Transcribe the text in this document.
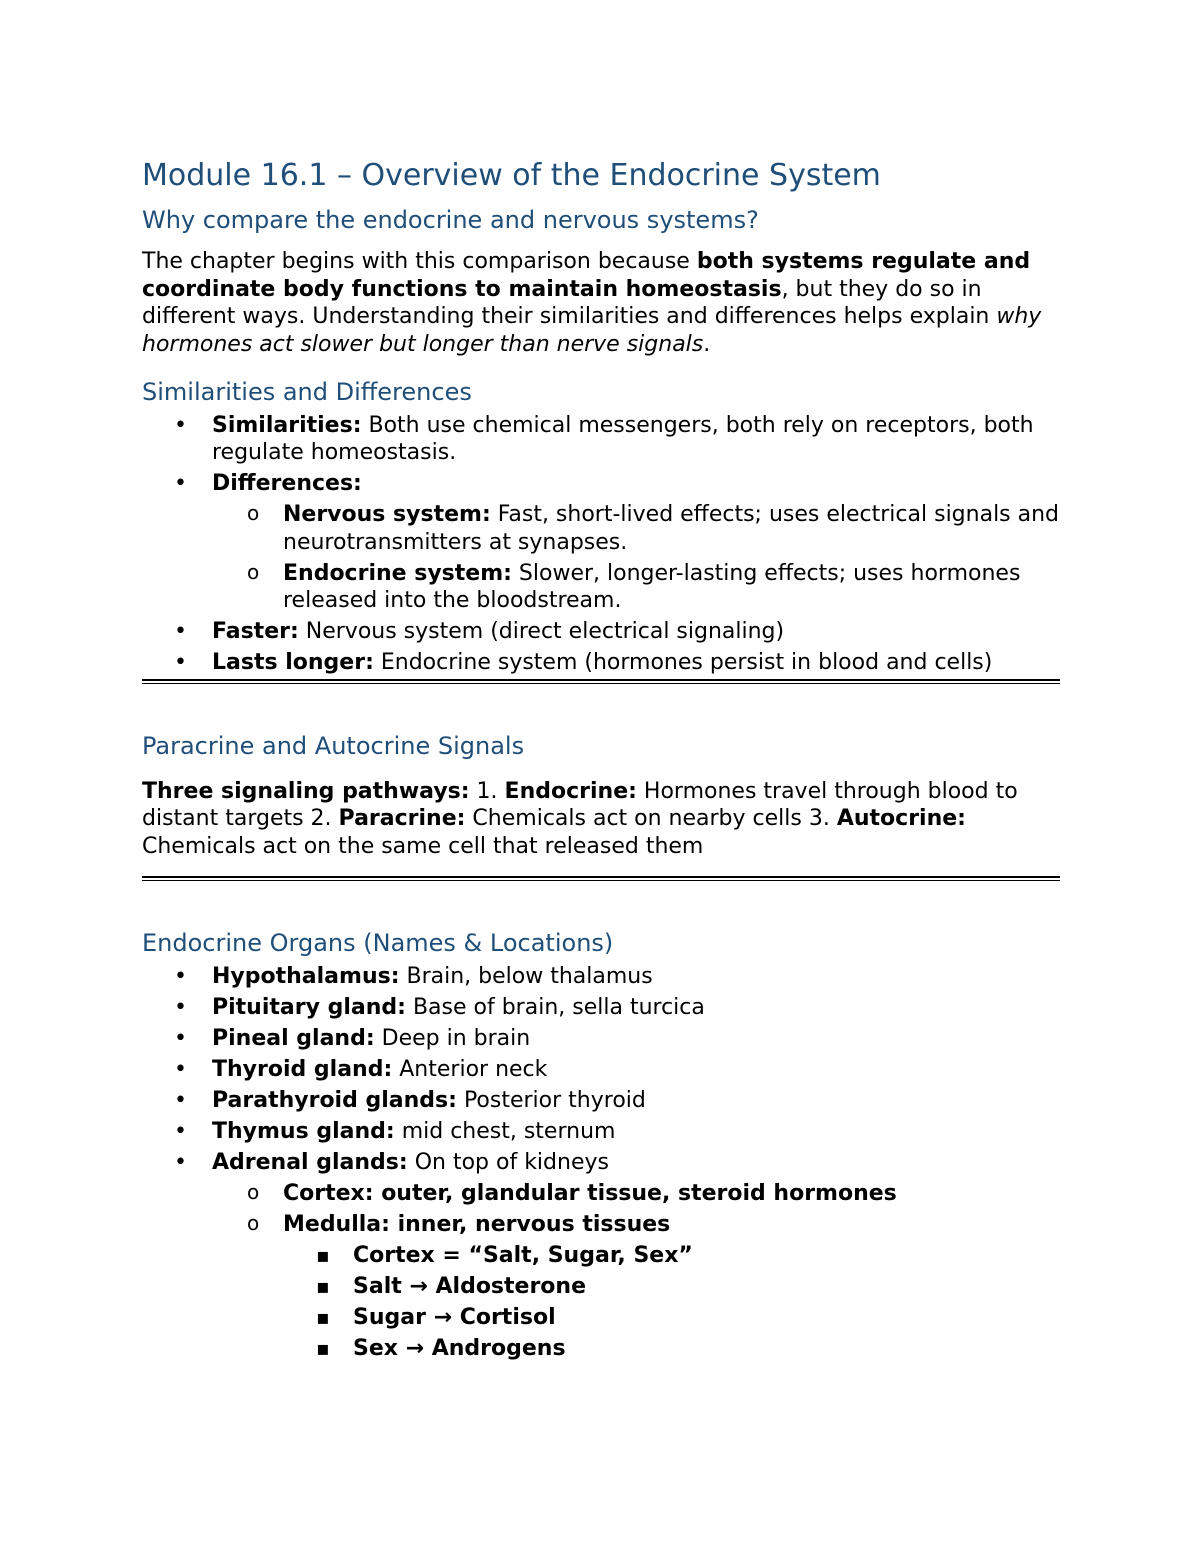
Module 16.1 – Overview of the Endocrine System
Why compare the endocrine and nervous systems?

The chapter begins with this comparison because both systems regulate and coordinate body functions to maintain homeostasis, but they do so in different ways. Understanding their similarities and differences helps explain why hormones act slower but longer than nerve signals.

Similarities and Differences
• Similarities: Both use chemical messengers, both rely on receptors, both regulate homeostasis.
• Differences:
o Nervous system: Fast, short-lived effects; uses electrical signals and neurotransmitters at synapses.
o Endocrine system: Slower, longer-lasting effects; uses hormones released into the bloodstream.
• Faster: Nervous system (direct electrical signaling)
• Lasts longer: Endocrine system (hormones persist in blood and cells)
Paracrine and Autocrine Signals

Three signaling pathways: 1. Endocrine: Hormones travel through blood to distant targets 2. Paracrine: Chemicals act on nearby cells 3. Autocrine: Chemicals act on the same cell that released them

Endocrine Organs (Names & Locations)
• Hypothalamus: Brain, below thalamus
• Pituitary gland: Base of brain, sella turcica
• Pineal gland: Deep in brain
• Thyroid gland: Anterior neck
• Parathyroid glands: Posterior thyroid
• Thymus gland: mid chest, sternum
• Adrenal glands: On top of kidneys
o Cortex: outer, glandular tissue, steroid hormones
o Medulla: inner, nervous tissues
▪ Cortex = “Salt, Sugar, Sex”
▪ Salt → Aldosterone
▪ Sugar → Cortisol
▪ Sex → Androgens
